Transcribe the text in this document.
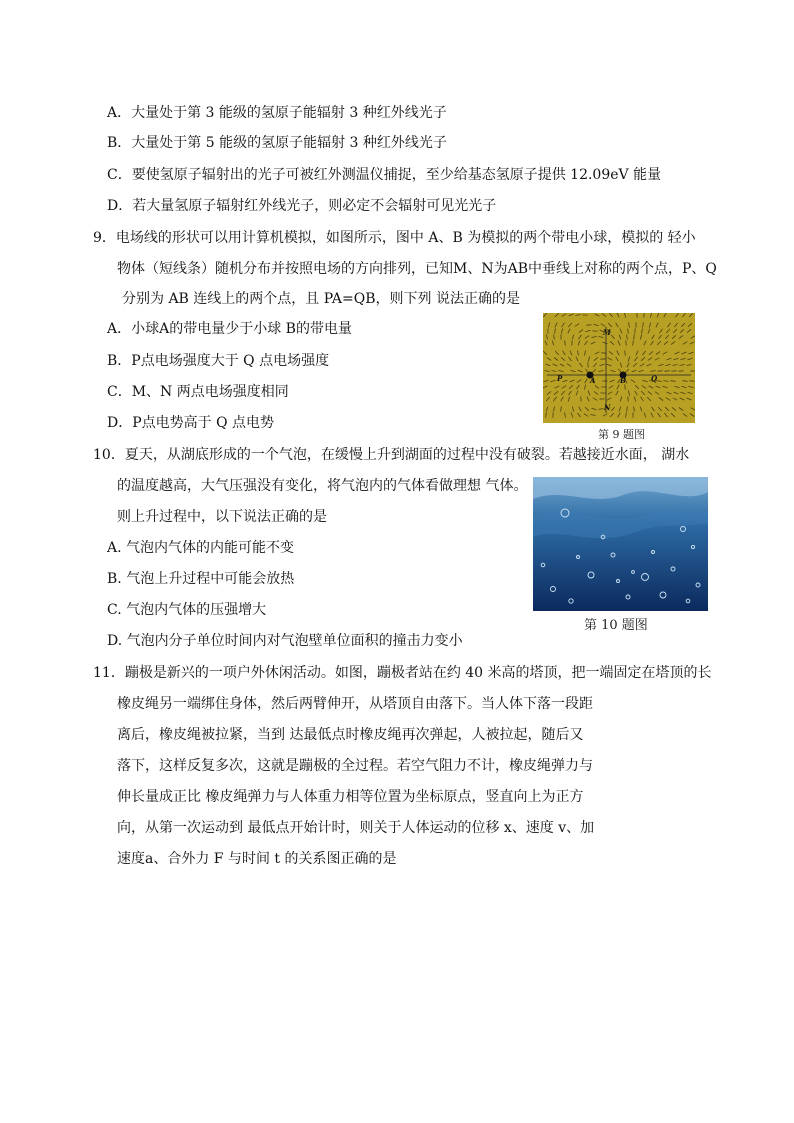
A．大量处于第 3 能级的氢原子能辐射 3 种红外线光子
B．大量处于第 5 能级的氢原子能辐射 3 种红外线光子
C．要使氢原子辐射出的光子可被红外测温仪捕捉，至少给基态氢原子提供 12.09eV 能量
D．若大量氢原子辐射红外线光子，则必定不会辐射可见光光子
9．电场线的形状可以用计算机模拟，如图所示，图中 A、B 为模拟的两个带电小球，模拟的 轻小
物体（短线条）随机分布并按照电场的方向排列，已知M、N为AB中垂线上对称的两个点，P、Q
分别为 AB 连线上的两个点，且 PA=QB，则下列 说法正确的是
A．小球A的带电量少于小球 B的带电量
B．P点电场强度大于 Q 点电场强度
C．M、N 两点电场强度相同
D．P点电势高于 Q 点电势
M
N
P	A	B	Q
第 9 题图
10．夏天，从湖底形成的一个气泡，在缓慢上升到湖面的过程中没有破裂。若越接近水面， 湖水
的温度越高，大气压强没有变化，将气泡内的气体看做理想 气体。
则上升过程中，以下说法正确的是
A. 气泡内气体的内能可能不变
B. 气泡上升过程中可能会放热
C. 气泡内气体的压强增大
D. 气泡内分子单位时间内对气泡壁单位面积的撞击力变小
第 10 题图
11．蹦极是新兴的一项户外休闲活动。如图，蹦极者站在约 40 米高的塔顶，把一端固定在塔顶的长
橡皮绳另一端绑住身体，然后两臂伸开，从塔顶自由落下。当人体下落一段距
离后，橡皮绳被拉紧，当到 达最低点时橡皮绳再次弹起，人被拉起，随后又
落下，这样反复多次，这就是蹦极的全过程。若空气阻力不计，橡皮绳弹力与
伸长量成正比 橡皮绳弹力与人体重力相等位置为坐标原点，竖直向上为正方
向，从第一次运动到 最低点开始计时，则关于人体运动的位移 x、速度 v、加
速度a、合外力 F 与时间 t 的关系图正确的是
